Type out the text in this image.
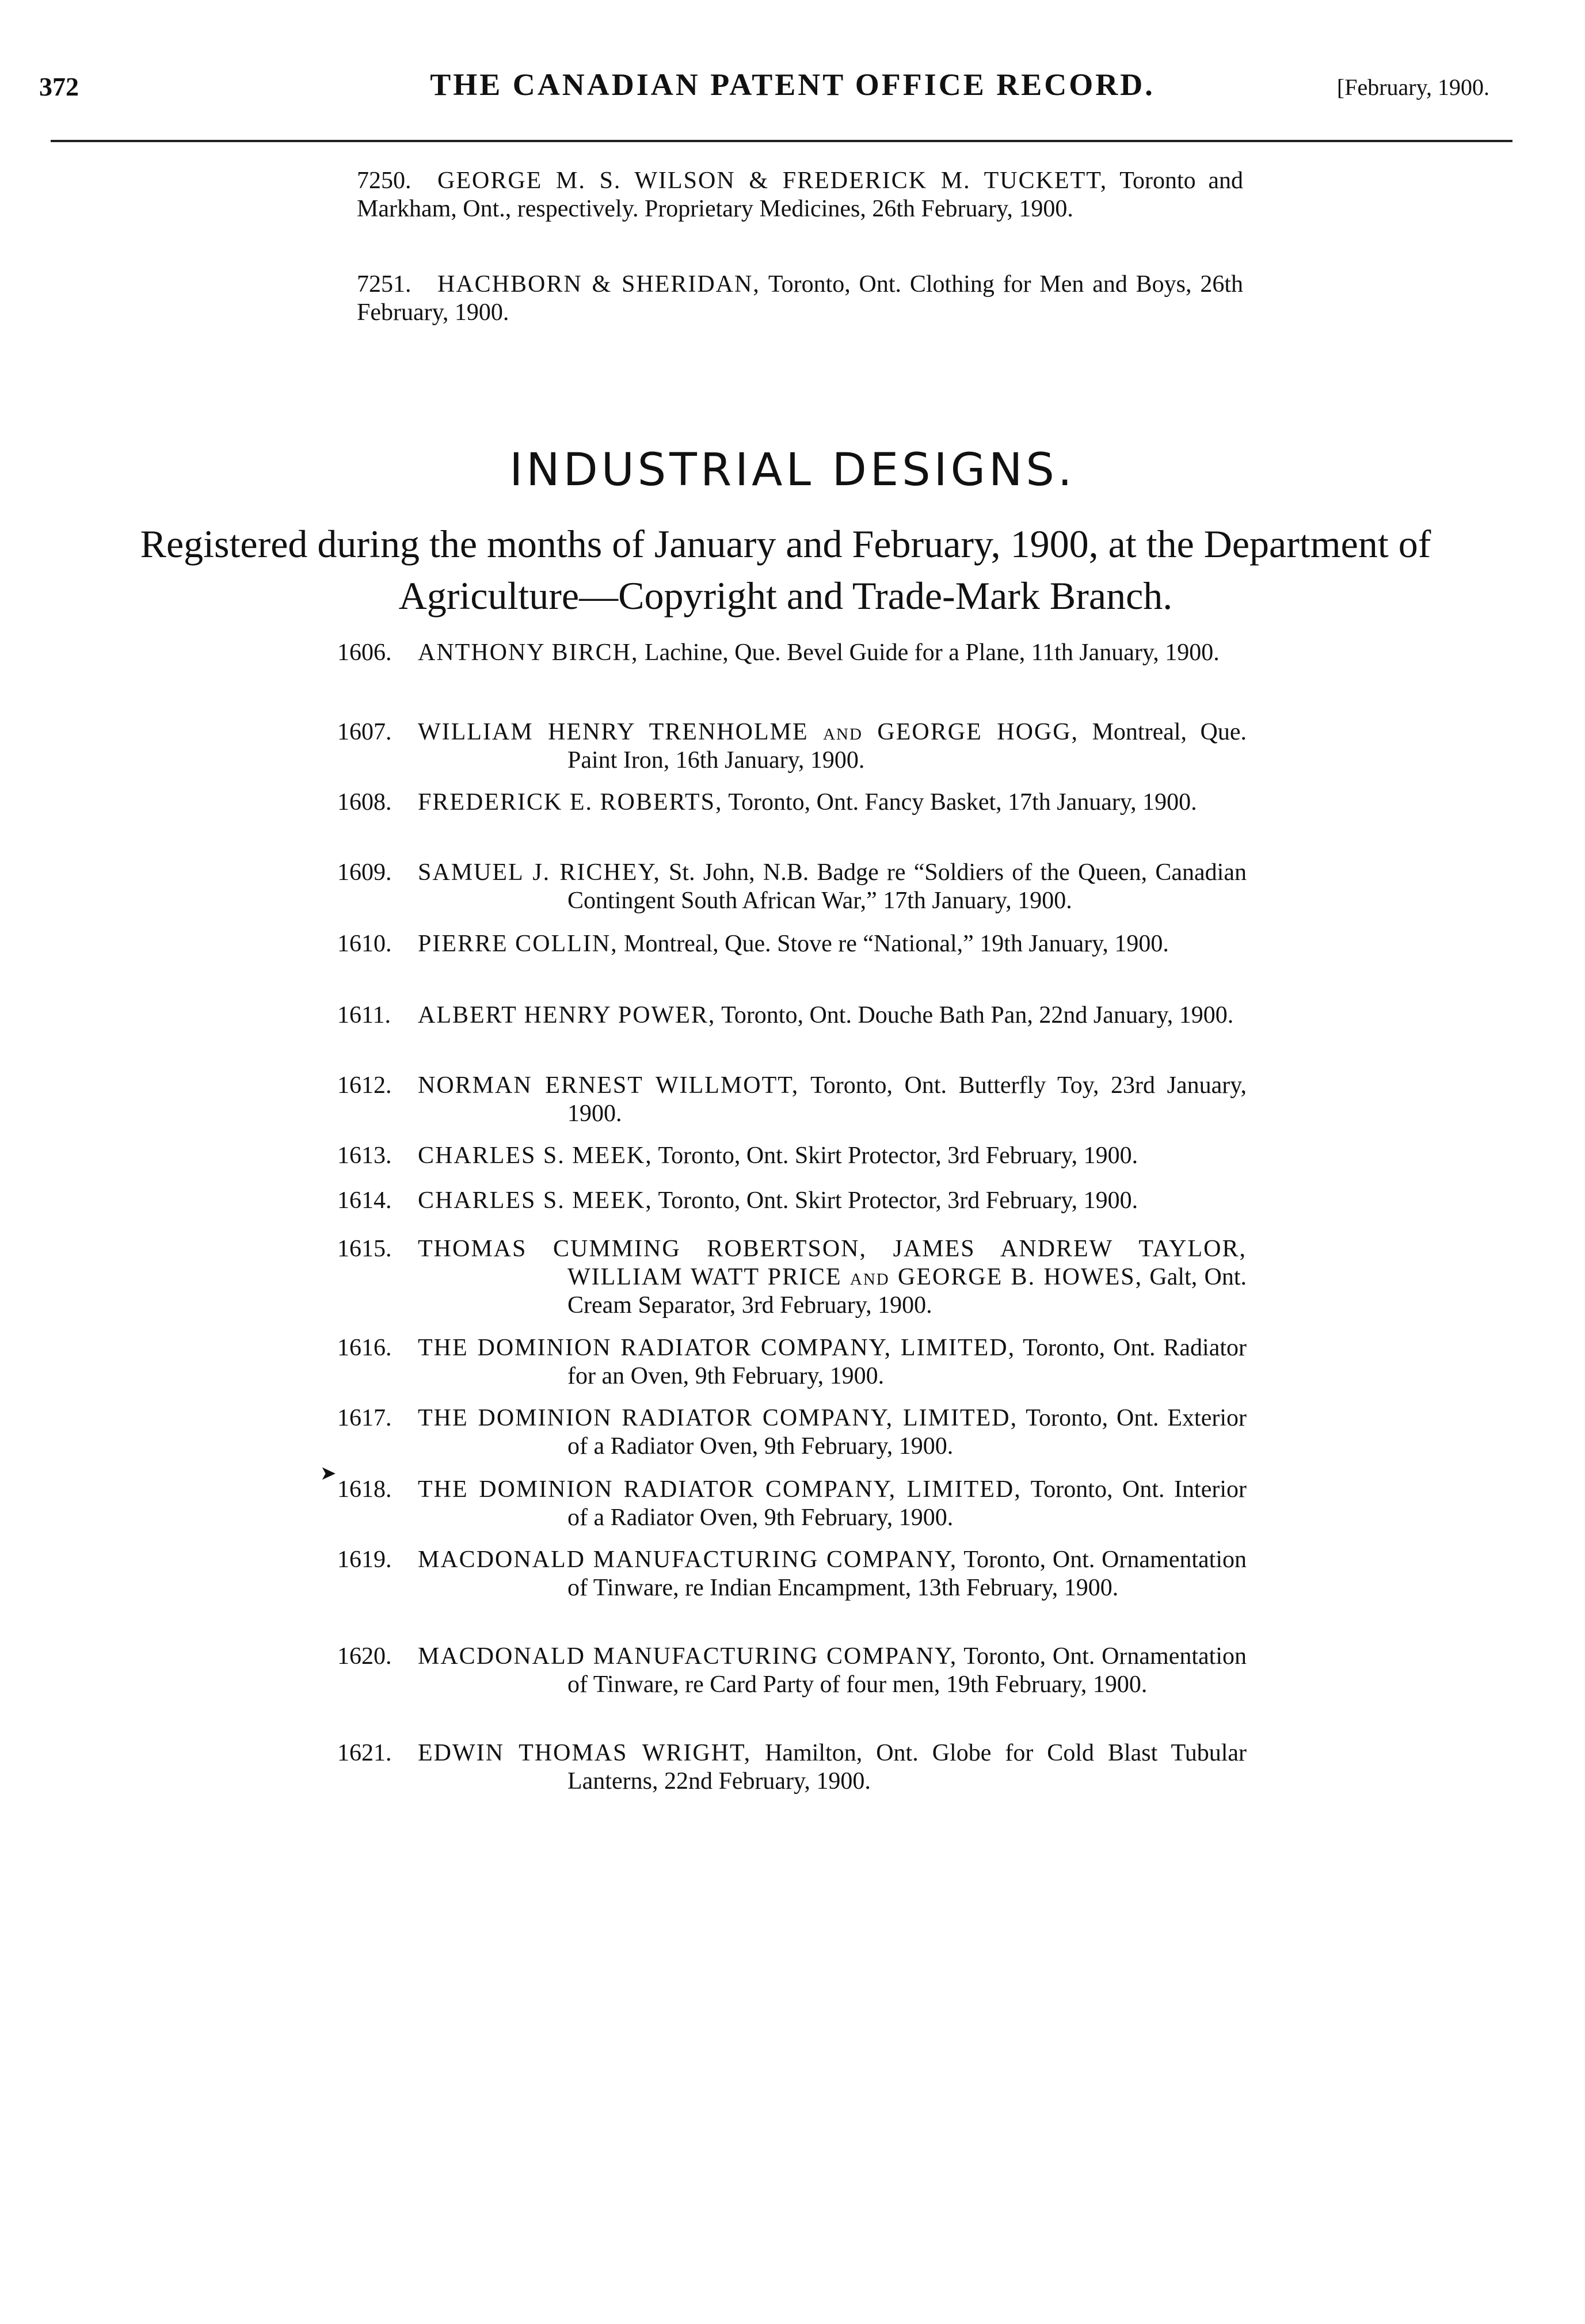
372	THE CANADIAN PATENT OFFICE RECORD.	[February, 1900.
7250.	GEORGE M. S. WILSON & FREDERICK M. TUCKETT, Toronto and Markham, Ont., respectively. Proprietary Medicines, 26th February, 1900.
7251.	HACHBORN & SHERIDAN, Toronto, Ont. Clothing for Men and Boys, 26th February, 1900.
INDUSTRIAL DESIGNS.
Registered during the months of January and February, 1900, at the Department of Agriculture—Copyright and Trade-Mark Branch.
1606. ANTHONY BIRCH, Lachine, Que. Bevel Guide for a Plane, 11th January, 1900.
1607. WILLIAM HENRY TRENHOLME and GEORGE HOGG, Montreal, Que. Paint Iron, 16th January, 1900.
1608. FREDERICK E. ROBERTS, Toronto, Ont. Fancy Basket, 17th January, 1900.
1609. SAMUEL J. RICHEY, St. John, N.B. Badge re “Soldiers of the Queen, Canadian Contingent South African War,” 17th January, 1900.
1610. PIERRE COLLIN, Montreal, Que. Stove re “National,” 19th January, 1900.
1611. ALBERT HENRY POWER, Toronto, Ont. Douche Bath Pan, 22nd January, 1900.
1612. NORMAN ERNEST WILLMOTT, Toronto, Ont. Butterfly Toy, 23rd January, 1900.
1613. CHARLES S. MEEK, Toronto, Ont. Skirt Protector, 3rd February, 1900.
1614. CHARLES S. MEEK, Toronto, Ont. Skirt Protector, 3rd February, 1900.
1615. THOMAS CUMMING ROBERTSON, JAMES ANDREW TAYLOR, WILLIAM WATT PRICE and GEORGE B. HOWES, Galt, Ont. Cream Separator, 3rd February, 1900.
1616. THE DOMINION RADIATOR COMPANY, LIMITED, Toronto, Ont. Radiator for an Oven, 9th February, 1900.
1617. THE DOMINION RADIATOR COMPANY, LIMITED, Toronto, Ont. Exterior of a Radiator Oven, 9th February, 1900.
1618. THE DOMINION RADIATOR COMPANY, LIMITED, Toronto, Ont. Interior of a Radiator Oven, 9th February, 1900.
1619. MACDONALD MANUFACTURING COMPANY, Toronto, Ont. Ornamentation of Tinware, re Indian Encampment, 13th February, 1900.
1620. MACDONALD MANUFACTURING COMPANY, Toronto, Ont. Ornamentation of Tinware, re Card Party of four men, 19th February, 1900.
1621. EDWIN THOMAS WRIGHT, Hamilton, Ont. Globe for Cold Blast Tubular Lanterns, 22nd February, 1900.
➤
